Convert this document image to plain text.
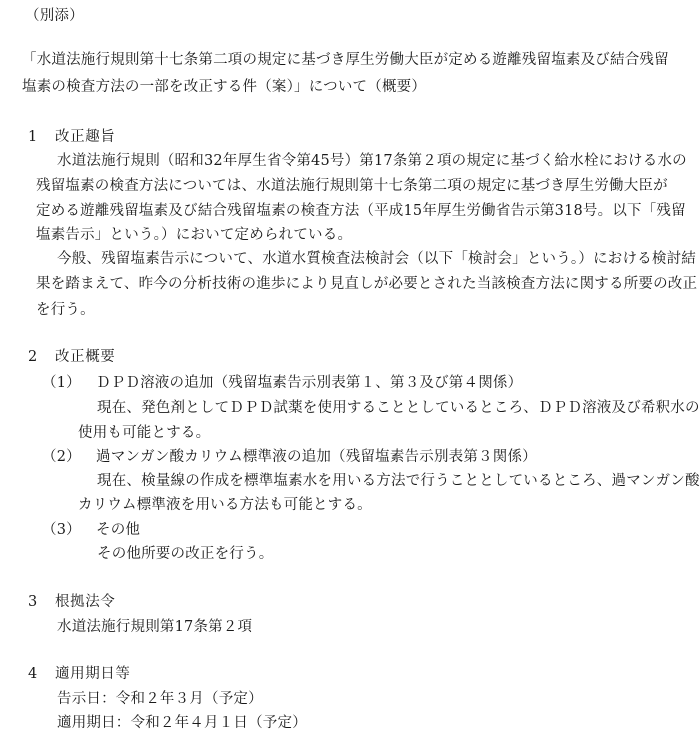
（別添）
「水道法施行規則第十七条第二項の規定に基づき厚生労働大臣が定める遊離残留塩素及び結合残留
塩素の検査方法の一部を改正する件（案）」について（概要）
1 改正趣旨
水道法施行規則（昭和32年厚生省令第45号）第17条第２項の規定に基づく給水栓における水の
残留塩素の検査方法については、水道法施行規則第十七条第二項の規定に基づき厚生労働大臣が
定める遊離残留塩素及び結合残留塩素の検査方法（平成15年厚生労働省告示第318号。以下「残留
塩素告示」という。）において定められている。
今般、残留塩素告示について、水道水質検査法検討会（以下「検討会」という。）における検討結
果を踏まえて、昨今の分析技術の進歩により見直しが必要とされた当該検査方法に関する所要の改正
を行う。
2 改正概要
（1） ＤＰＤ溶液の追加（残留塩素告示別表第１、第３及び第４関係）
現在、発色剤としてＤＰＤ試薬を使用することとしているところ、ＤＰＤ溶液及び希釈水の
使用も可能とする。
（2） 過マンガン酸カリウム標準液の追加（残留塩素告示別表第３関係）
現在、検量線の作成を標準塩素水を用いる方法で行うこととしているところ、過マンガン酸
カリウム標準液を用いる方法も可能とする。
（3） その他
その他所要の改正を行う。
3 根拠法令
水道法施行規則第17条第２項
4 適用期日等
告示日：令和２年３月（予定）
適用期日：令和２年４月１日（予定）
